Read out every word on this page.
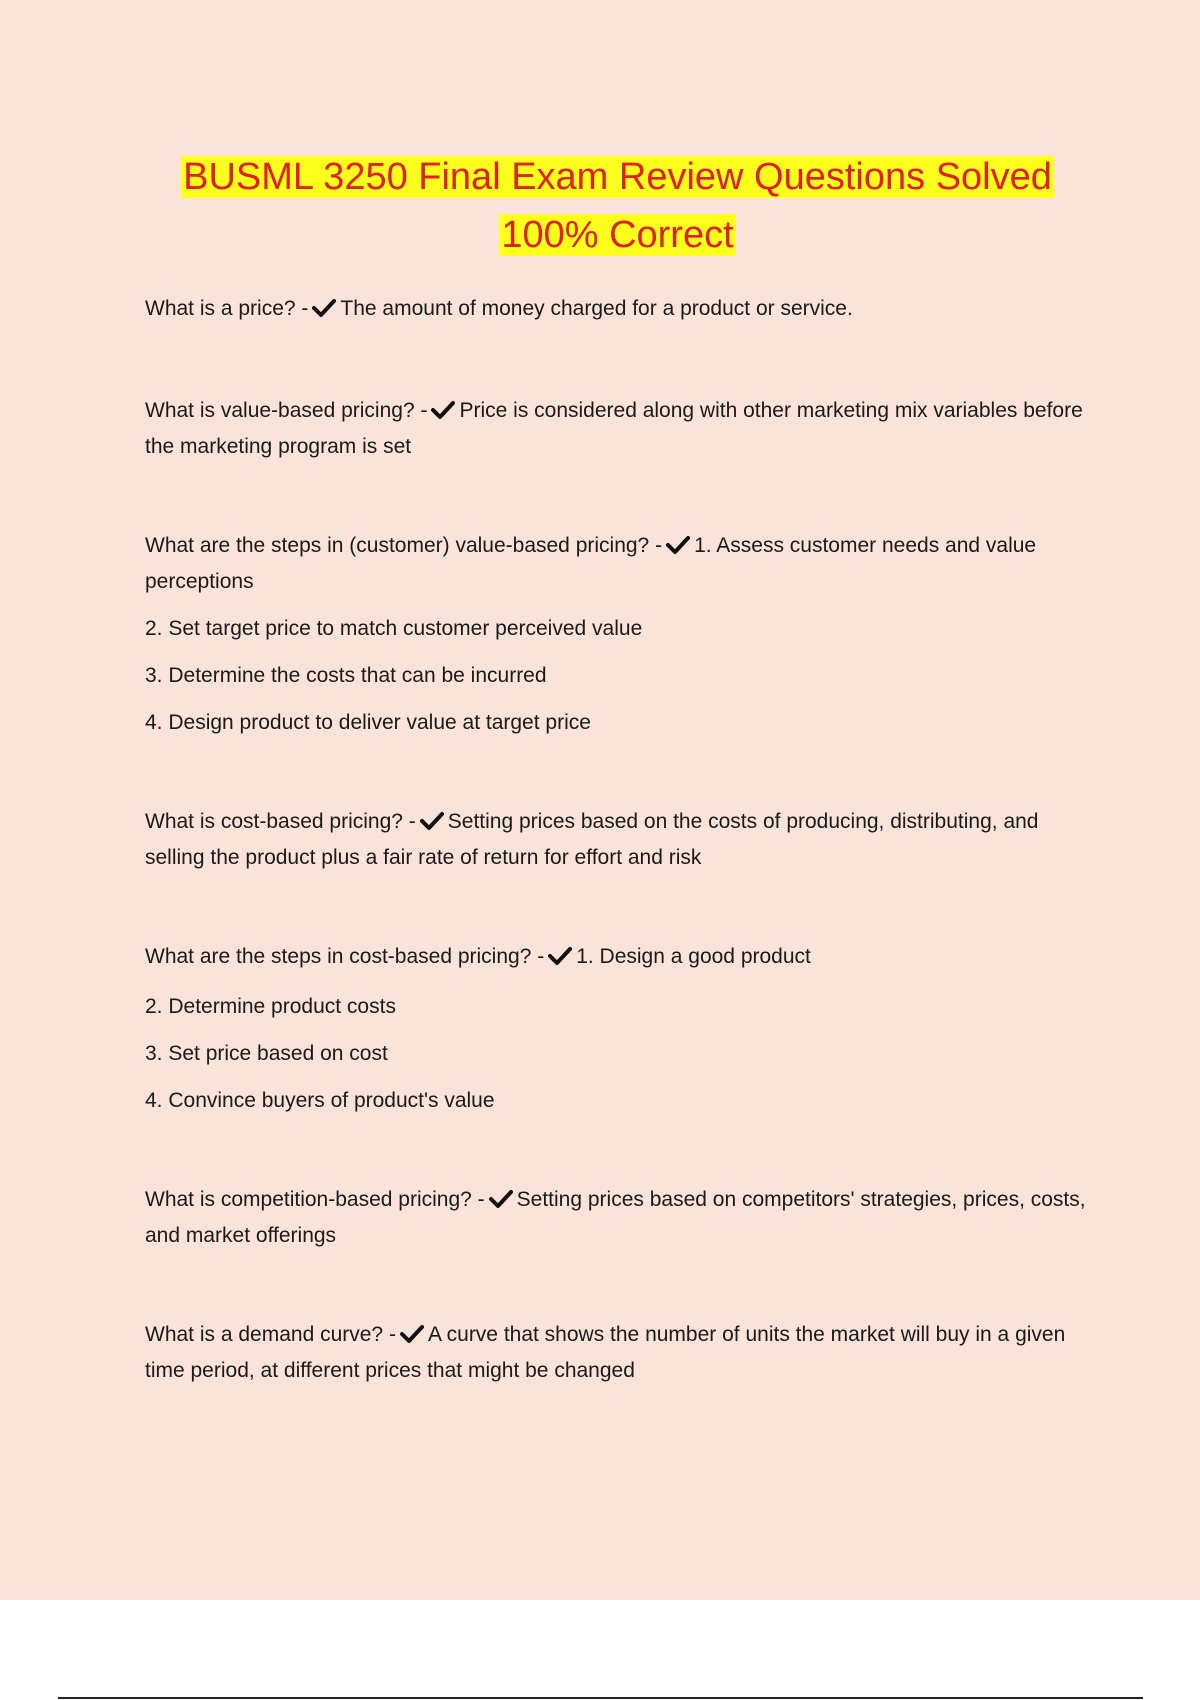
BUSML 3250 Final Exam Review Questions Solved
100% Correct

What is a price? - The amount of money charged for a product or service.

What is value-based pricing? - Price is considered along with other marketing mix variables before the marketing program is set

What are the steps in (customer) value-based pricing? - 1. Assess customer needs and value perceptions

2. Set target price to match customer perceived value

3. Determine the costs that can be incurred

4. Design product to deliver value at target price

What is cost-based pricing? - Setting prices based on the costs of producing, distributing, and selling the product plus a fair rate of return for effort and risk

What are the steps in cost-based pricing? - 1. Design a good product

2. Determine product costs

3. Set price based on cost

4. Convince buyers of product's value

What is competition-based pricing? - Setting prices based on competitors' strategies, prices, costs, and market offerings

What is a demand curve? - A curve that shows the number of units the market will buy in a given time period, at different prices that might be changed
